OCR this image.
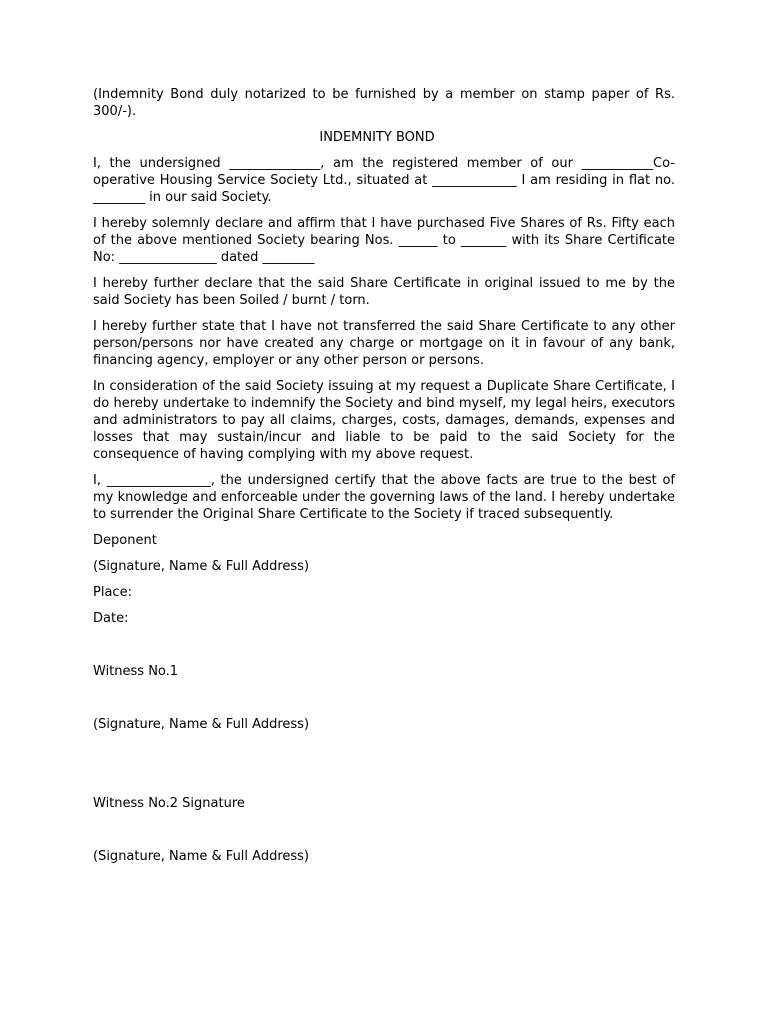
(Indemnity Bond duly notarized to be furnished by a member on stamp paper of Rs. 300/-).

INDEMNITY BOND

I, the undersigned ______________, am the registered member of our ___________Co-operative Housing Service Society Ltd., situated at _____________ I am residing in flat no. ________ in our said Society.

I hereby solemnly declare and affirm that I have purchased Five Shares of Rs. Fifty each of the above mentioned Society bearing Nos. ______ to _______ with its Share Certificate No: _______________ dated ________

I hereby further declare that the said Share Certificate in original issued to me by the said Society has been Soiled / burnt / torn.

I hereby further state that I have not transferred the said Share Certificate to any other person/persons nor have created any charge or mortgage on it in favour of any bank, financing agency, employer or any other person or persons.

In consideration of the said Society issuing at my request a Duplicate Share Certificate, I do hereby undertake to indemnify the Society and bind myself, my legal heirs, executors and administrators to pay all claims, charges, costs, damages, demands, expenses and losses that may sustain/incur and liable to be paid to the said Society for the consequence of having complying with my above request.

I, ________________, the undersigned certify that the above facts are true to the best of my knowledge and enforceable under the governing laws of the land. I hereby undertake to surrender the Original Share Certificate to the Society if traced subsequently.

Deponent

(Signature, Name & Full Address)

Place:

Date:

Witness No.1

(Signature, Name & Full Address)

Witness No.2 Signature

(Signature, Name & Full Address)
